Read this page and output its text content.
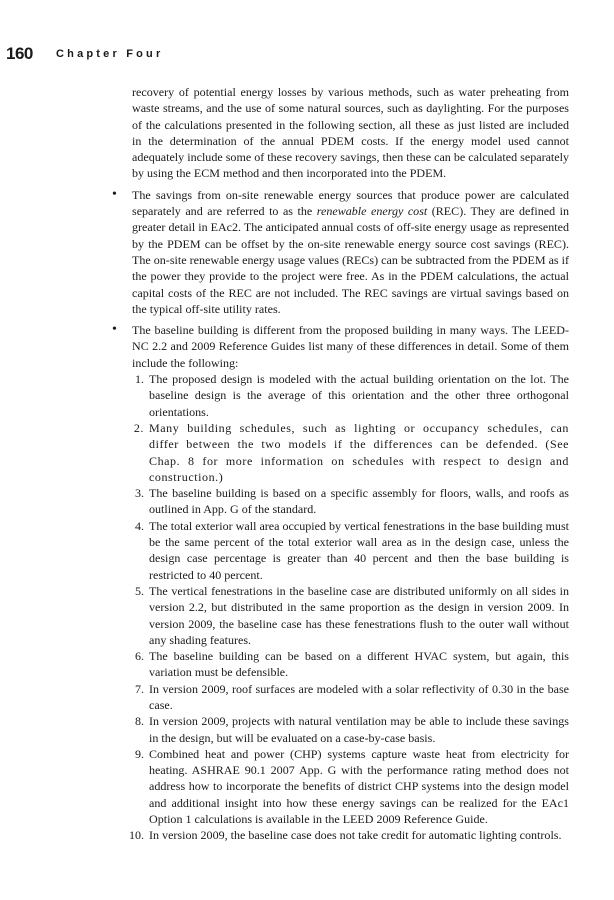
160 Chapter Four

recovery of potential energy losses by various methods, such as water preheating from waste streams, and the use of some natural sources, such as daylighting. For the purposes of the calculations presented in the following section, all these as just listed are included in the determination of the annual PDEM costs. If the energy model used cannot adequately include some of these recovery savings, then these can be calculated separately by using the ECM method and then incorporated into the PDEM.

• The savings from on-site renewable energy sources that produce power are calculated separately and are referred to as the renewable energy cost (REC). They are defined in greater detail in EAc2. The anticipated annual costs of off-site energy usage as represented by the PDEM can be offset by the on-site renewable energy source cost savings (REC). The on-site renewable energy usage values (RECs) can be subtracted from the PDEM as if the power they provide to the project were free. As in the PDEM calculations, the actual capital costs of the REC are not included. The REC savings are virtual savings based on the typical off-site utility rates.
• The baseline building is different from the proposed building in many ways. The LEED-NC 2.2 and 2009 Reference Guides list many of these differences in detail. Some of them include the following:
1. The proposed design is modeled with the actual building orientation on the lot. The baseline design is the average of this orientation and the other three orthogonal orientations.
2. Many building schedules, such as lighting or occupancy schedules, can differ between the two models if the differences can be defended. (See Chap. 8 for more information on schedules with respect to design and construction.)
3. The baseline building is based on a specific assembly for floors, walls, and roofs as outlined in App. G of the standard.
4. The total exterior wall area occupied by vertical fenestrations in the base building must be the same percent of the total exterior wall area as in the design case, unless the design case percentage is greater than 40 percent and then the base building is restricted to 40 percent.
5. The vertical fenestrations in the baseline case are distributed uniformly on all sides in version 2.2, but distributed in the same proportion as the design in version 2009. In version 2009, the baseline case has these fenestrations flush to the outer wall without any shading features.
6. The baseline building can be based on a different HVAC system, but again, this variation must be defensible.
7. In version 2009, roof surfaces are modeled with a solar reflectivity of 0.30 in the base case.
8. In version 2009, projects with natural ventilation may be able to include these savings in the design, but will be evaluated on a case-by-case basis.
9. Combined heat and power (CHP) systems capture waste heat from electricity for heating. ASHRAE 90.1 2007 App. G with the performance rating method does not address how to incorporate the benefits of district CHP systems into the design model and additional insight into how these energy savings can be realized for the EAc1 Option 1 calculations is available in the LEED 2009 Reference Guide.
10. In version 2009, the baseline case does not take credit for automatic lighting controls.
